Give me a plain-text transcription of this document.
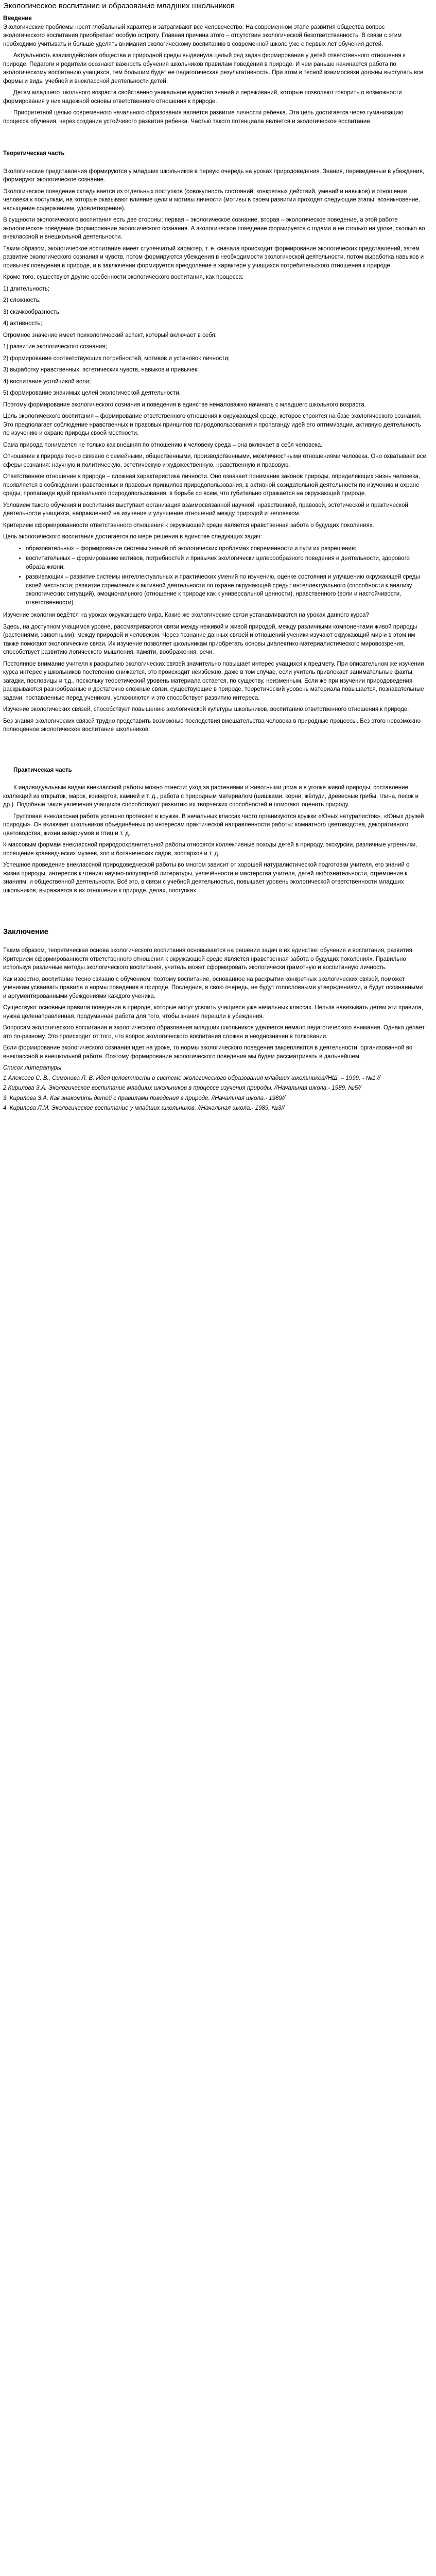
Экологическое воспитание и образование младших школьников
Введение

Экологические проблемы носят глобальный характер и затрагивают все человечество. На современном этапе развития общества вопрос экологического воспитания приобретает особую остроту. Главная причина этого – отсутствие экологической безответственность. В связи с этим необходимо учитывать и больше уделять внимания экологическому воспитанию в современной школе уже с первых лет обучения детей.

Актуальность взаимодействия общества и природной среды выдвинула целый ряд задач формирования у детей ответственного отношения к природе. Педагоги и родители осознают важность обучения школьников правилам поведения в природе. И чем раньше начинается работа по экологическому воспитанию учащихся, тем большим будет ее педагогическая результативность. При этом в тесной взаимосвязи должны выступать все формы и виды учебной и внеклассной деятельности детей.

Детям младшего школьного возраста свойственно уникальное единство знаний и переживаний, которые позволяют говорить о возможности формирования у них надежной основы ответственного отношения к природе.

Приоритетной целью современного начального образования является развитие личности ребенка. Эта цель достигается через гуманизацию процесса обучения, через создание устойчивого развития ребенка. Частью такого потенциала является и экологическое воспитание.

Теоретическая часть

Экологические представления формируются у младших школьников в первую очередь на уроках природоведения. Знания, переведенные в убеждения, формируют экологическое сознание.

Экологическое поведение складывается из отдельных поступков (совокупность состояний, конкретных действий, умений и навыков) и отношения человека к поступкам, на которые оказывают влияние цели и мотивы личности (мотивы в своем развитии проходят следующие этапы: возникновение, насыщение содержанием, удовлетворение).

В сущности экологического воспитания есть две стороны: первая – экологическое сознание, вторая – экологическое поведение, а этой работе экологическое поведение формирование экологического сознания. А экологическое поведение формируется с годами и не столько на уроке, сколько во внеклассной и внешкольной деятельности.

Таким образом, экологическое воспитание имеет ступенчатый характер, т. е. сначала происходит формирование экологических представлений, затем развитие экологического сознания и чувств, потом формируются убеждения в необходимости экологической деятельности, потом выработка навыков и привычек поведения в природе, и в заключении формируется преодоление в характере у учащихся потребительского отношения к природе.

Кроме того, существуют другие особенности экологического воспитания, как процесса:

1) длительность;

2) сложность;

3) скачкообразность;

4) активность;

Огромное значение имеет психологический аспект, который включает в себя:

1) развитие экологического сознания;

2) формирование соответствующих потребностей, мотивов и установок личности;

3) выработку нравственных, эстетических чувств, навыков и привычек;

4) воспитание устойчивой воли;

5) формирование значимых целей экологической деятельности.

Поэтому формирование экологического сознания и поведения в единстве немаловажно начинать с младшего школьного возраста.

Цель экологического воспитания – формирование ответственного отношения к окружающей среде, которое строится на базе экологического сознания. Это предполагает соблюдение нравственных и правовых принципов природопользования и пропаганду идей его оптимизации, активную деятельность по изучению и охране природы своей местности.

Сама природа понимается не только как внешняя по отношению к человеку среда – она включает в себя человека.

Отношение к природе тесно связано с семейными, общественными, производственными, межличностными отношениями человека. Оно охватывает все сферы сознания: научную и политическую, эстетическую и художественную, нравственную и правовую.

Ответственное отношение к природе – сложная характеристика личности. Оно означает понимание законов природы, определяющих жизнь человека, проявляется в соблюдении нравственных и правовых принципов природопользования, в активной созидательной деятельности по изучению и охране среды, пропаганде идей правильного природопользования, в борьбе со всем, что губительно отражается на окружающей природе.

Условием такого обучения и воспитания выступает организация взаимосвязанной научной, нравственной, правовой, эстетической и практической деятельности учащихся, направленной на изучение и улучшение отношений между природой и человеком.

Критерием сформированности ответственного отношения к окружающей среде является нравственная забота о будущих поколениях.

Цель экологического воспитания достигается по мере решения в единстве следующих задач:

• образовательных – формирование системы знаний об экологических проблемах современности и пути их разрешения;
• воспитательных – формирование мотивов, потребностей и привычек экологически целесообразного поведения и деятельности, здорового образа жизни;
• развивающих – развитие системы интеллектуальных и практических умений по изучению, оценке состояния и улучшению окружающей среды своей местности; развитие стремления к активной деятельности по охране окружающей среды: интеллектуального (способности к анализу экологических ситуаций), эмоционального (отношение к природе как к универсальной ценности), нравственного (воли и настойчивости, ответственности).

Изучение экологии ведётся на уроках окружающего мира. Какие же экологические связи устанавливаются на уроках данного курса?

Здесь, на доступном учащимся уровне, рассматриваются связи между неживой и живой природой, между различными компонентами живой природы (растениями, животными), между природой и человеком. Через познание данных связей и отношений ученики изучают окружающий мир и в этом им также помогают экологические связи. Их изучение позволяет школьникам приобретать основы диалектико-материалистического мировоззрения, способствует развитию логического мышления, памяти, воображения, речи.

Постоянное внимание учителя к раскрытию экологических связей значительно повышает интерес учащихся к предмету. При описательном же изучении курса интерес у школьников постепенно снижается, это происходит неизбежно, даже в том случае, если учитель привлекает занимательные факты, загадки, пословицы и т.д., поскольку теоретический уровень материала остается, по существу, неизменным. Если же при изучении природоведения раскрываются разнообразные и достаточно сложные связи, существующие в природе, теоретический уровень материала повышается, познавательные задачи, поставленные перед учеником, усложняются и это способствует развитию интереса.

Изучение экологических связей, способствует повышению экологической культуры школьников, воспитанию ответственного отношения к природе.

Без знания экологических связей трудно представить возможные последствия вмешательства человека в природные процессы. Без этого невозможно полноценное экологическое воспитание школьников.

Практическая часть

К индивидуальным видам внеклассной работы можно отнести: уход за растениями и животными дома и в уголке живой природы, составление коллекций из открыток, марок, конвертов, камней и т. д., работа с природным материалом (шишками, корни, жёлуди, древесные грибы, глина, песок и др.). Подобные такие увлечения учащихся способствуют развитию их творческих способностей и помогают оценить природу.

Групповая внеклассная работа успешно протекает в кружке. В начальных классах часто организуются кружки «Юных натуралистов», «Юных друзей природы». Он включает школьников объединённых по интересам практической направленности работы: комнатного цветоводства, декоративного цветоводства, жизни аквариумов и птиц и т. д.

К массовым формам внеклассной природоохранительной работы относятся коллективные походы детей в природу, экскурсии, различные утренники, посещение краеведческих музеев, зоо и ботанических садов, зоопарков и т. д.

Успешное проведение внеклассной природоведческой работы во многом зависит от хорошей натуралистической подготовки учителя, его знаний о жизни природы, интересов к чтению научно-популярной литературы, увлечённости и мастерства учителя, детей любознательности, стремления к знаниям, и общественной деятельности. Всё это, в связи с учебной деятельностью, повышает уровень экологической ответственности младших школьников, выражается в их отношении к природе, делах, поступках.

Заключение

Таким образом, теоретическая основа экологического воспитания основывается на решении задач в их единстве: обучения и воспитания, развития. Критерием сформированности ответственного отношения к окружающей среде является нравственная забота о будущих поколениях. Правильно используя различные методы экологического воспитания, учитель может сформировать экологически грамотную и воспитанную личность.

Как известно, воспитание тесно связано с обучением, поэтому воспитание, основанное на раскрытии конкретных экологических связей, поможет ученикам усваивать правила и нормы поведения в природе. Последние, в свою очередь, не будут голословными утверждениями, а будут осознанными и аргументированными убеждениями каждого ученика.

Существуют основные правила поведения в природе, которые могут усвоить учащиеся уже начальных классах. Нельзя навязывать детям эти правила, нужна целенаправленная, продуманная работа для того, чтобы знания перешли в убеждения.

Вопросам экологического воспитания и экологического образования младших школьников уделяется немало педагогического внимания. Однако делает это по-разному. Это происходит от того, что вопрос экологического воспитания сложен и неоднозначен в толковании.

Если формирование экологического сознания идет на уроке, то нормы экологического поведения закрепляются в деятельности, организованной во внеклассной и внешкольной работе. Поэтому формирование экологического поведения мы будем рассматривать в дальнейшем.

Список литературы

1.Алексеев С. В., Симонова Л. В. Идея целостности в системе экологического образования младших школьников//НШ. – 1999. - №1.//

2.Кирилова З.А. Экологическое воспитание младших школьников в процессе изучения природы. //Начальная школа.- 1989, №5//

3. Кирилова З.А. Как знакомить детей с правилами поведения в природе. //Начальная школа.- 1989//

4. Кирилова Л.М. Экологическое воспитание у младших школьников. //Начальная школа.- 1989, №3//
